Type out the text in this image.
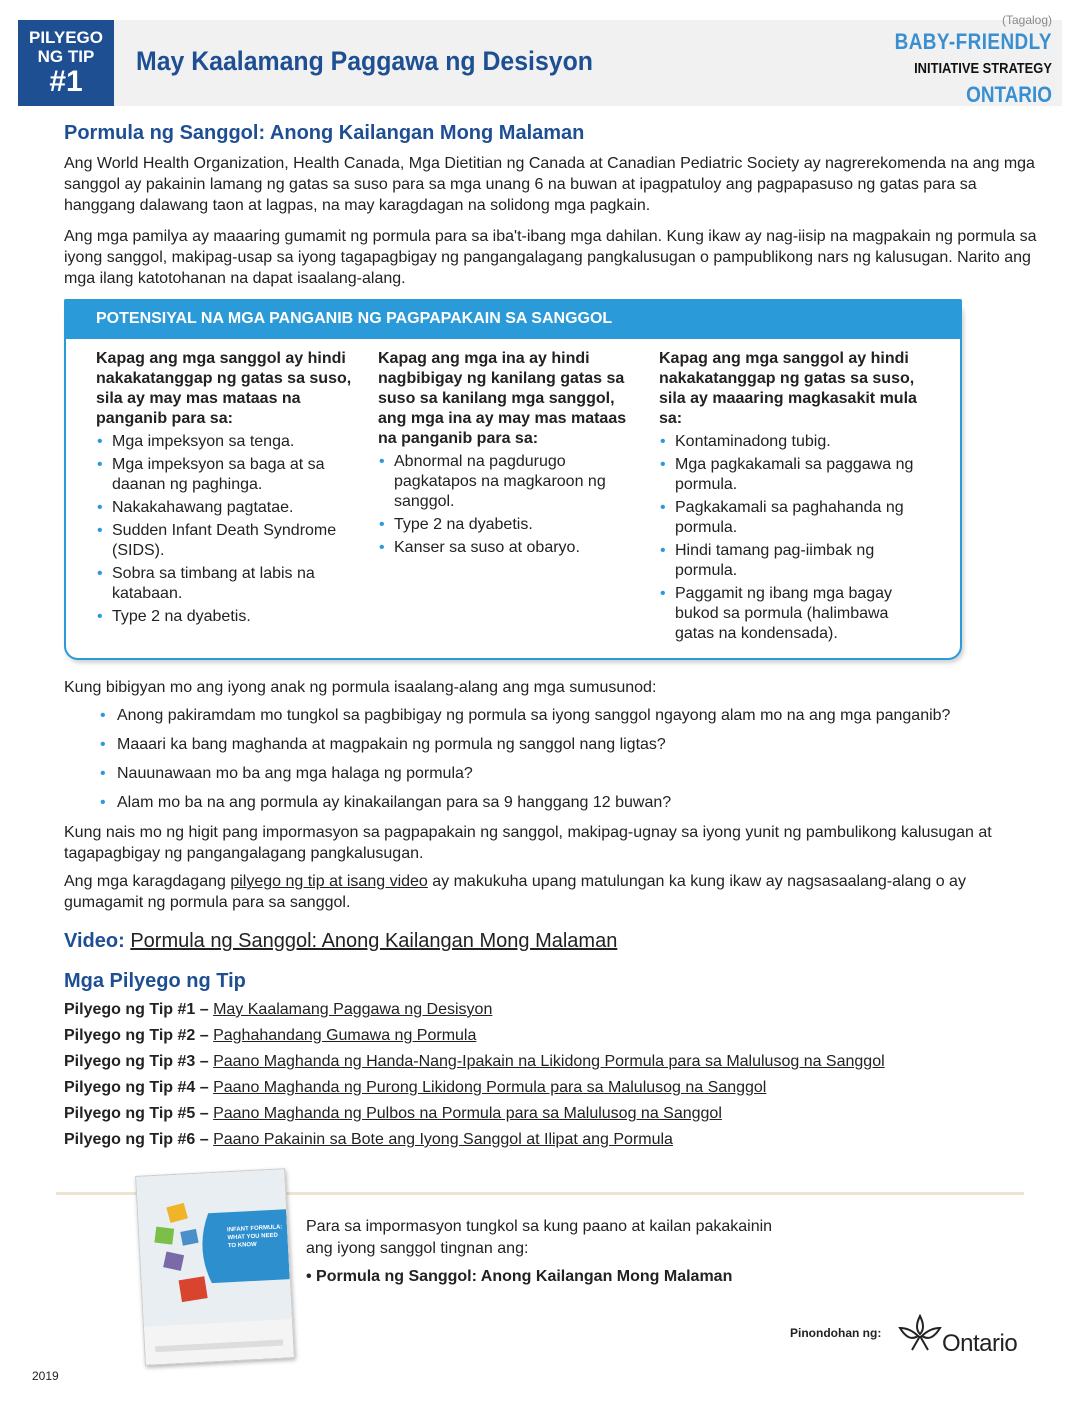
PILYEGO
NG TIP
#1
May Kaalamang Paggawa ng Desisyon
(Tagalog)
BABY-FRIENDLY
INITIATIVE STRATEGY
ONTARIO
Pormula ng Sanggol: Anong Kailangan Mong Malaman
Ang World Health Organization, Health Canada, Mga Dietitian ng Canada at Canadian Pediatric Society ay nagrerekomenda na ang mga sanggol ay pakainin lamang ng gatas sa suso para sa mga unang 6 na buwan at ipagpatuloy ang pagpapasuso ng gatas para sa hanggang dalawang taon at lagpas, na may karagdagan na solidong mga pagkain.
Ang mga pamilya ay maaaring gumamit ng pormula para sa iba't-ibang mga dahilan. Kung ikaw ay nag-iisip na magpakain ng pormula sa iyong sanggol, makipag-usap sa iyong tagapagbigay ng pangangalagang pangkalusugan o pampublikong nars ng kalusugan. Narito ang mga ilang katotohanan na dapat isaalang-alang.
POTENSIYAL NA MGA PANGANIB NG PAGPAPAKAIN SA SANGGOL
Kapag ang mga sanggol ay hindi nakakatanggap ng gatas sa suso, sila ay may mas mataas na panganib para sa:
• Mga impeksyon sa tenga.
• Mga impeksyon sa baga at sa daanan ng paghinga.
• Nakakahawang pagtatae.
• Sudden Infant Death Syndrome (SIDS).
• Sobra sa timbang at labis na katabaan.
• Type 2 na dyabetis.
Kapag ang mga ina ay hindi nagbibigay ng kanilang gatas sa suso sa kanilang mga sanggol, ang mga ina ay may mas mataas na panganib para sa:
• Abnormal na pagdurugo pagkatapos na magkaroon ng sanggol.
• Type 2 na dyabetis.
• Kanser sa suso at obaryo.
Kapag ang mga sanggol ay hindi nakakatanggap ng gatas sa suso, sila ay maaaring magkasakit mula sa:
• Kontaminadong tubig.
• Mga pagkakamali sa paggawa ng pormula.
• Pagkakamali sa paghahanda ng pormula.
• Hindi tamang pag-iimbak ng pormula.
• Paggamit ng ibang mga bagay bukod sa pormula (halimbawa gatas na kondensada).
Kung bibigyan mo ang iyong anak ng pormula isaalang-alang ang mga sumusunod:
• Anong pakiramdam mo tungkol sa pagbibigay ng pormula sa iyong sanggol ngayong alam mo na ang mga panganib?
• Maaari ka bang maghanda at magpakain ng pormula ng sanggol nang ligtas?
• Nauunawaan mo ba ang mga halaga ng pormula?
• Alam mo ba na ang pormula ay kinakailangan para sa 9 hanggang 12 buwan?
Kung nais mo ng higit pang impormasyon sa pagpapakain ng sanggol, makipag-ugnay sa iyong yunit ng pambulikong kalusugan at tagapagbigay ng pangangalagang pangkalusugan.
Ang mga karagdagang pilyego ng tip at isang video ay makukuha upang matulungan ka kung ikaw ay nagsasaalang-alang o ay gumagamit ng pormula para sa sanggol.
Video: Pormula ng Sanggol: Anong Kailangan Mong Malaman
Mga Pilyego ng Tip
Pilyego ng Tip #1 – May Kaalamang Paggawa ng Desisyon
Pilyego ng Tip #2 – Paghahandang Gumawa ng Pormula
Pilyego ng Tip #3 – Paano Maghanda ng Handa-Nang-Ipakain na Likidong Pormula para sa Malulusog na Sanggol
Pilyego ng Tip #4 – Paano Maghanda ng Purong Likidong Pormula para sa Malulusog na Sanggol
Pilyego ng Tip #5 – Paano Maghanda ng Pulbos na Pormula para sa Malulusog na Sanggol
Pilyego ng Tip #6 – Paano Pakainin sa Bote ang Iyong Sanggol at Ilipat ang Pormula
INFANT FORMULA: WHAT YOU NEED TO KNOW
Para sa impormasyon tungkol sa kung paano at kailan pakakainin ang iyong sanggol tingnan ang:
• Pormula ng Sanggol: Anong Kailangan Mong Malaman
Pinondohan ng:	Ontario
2019
